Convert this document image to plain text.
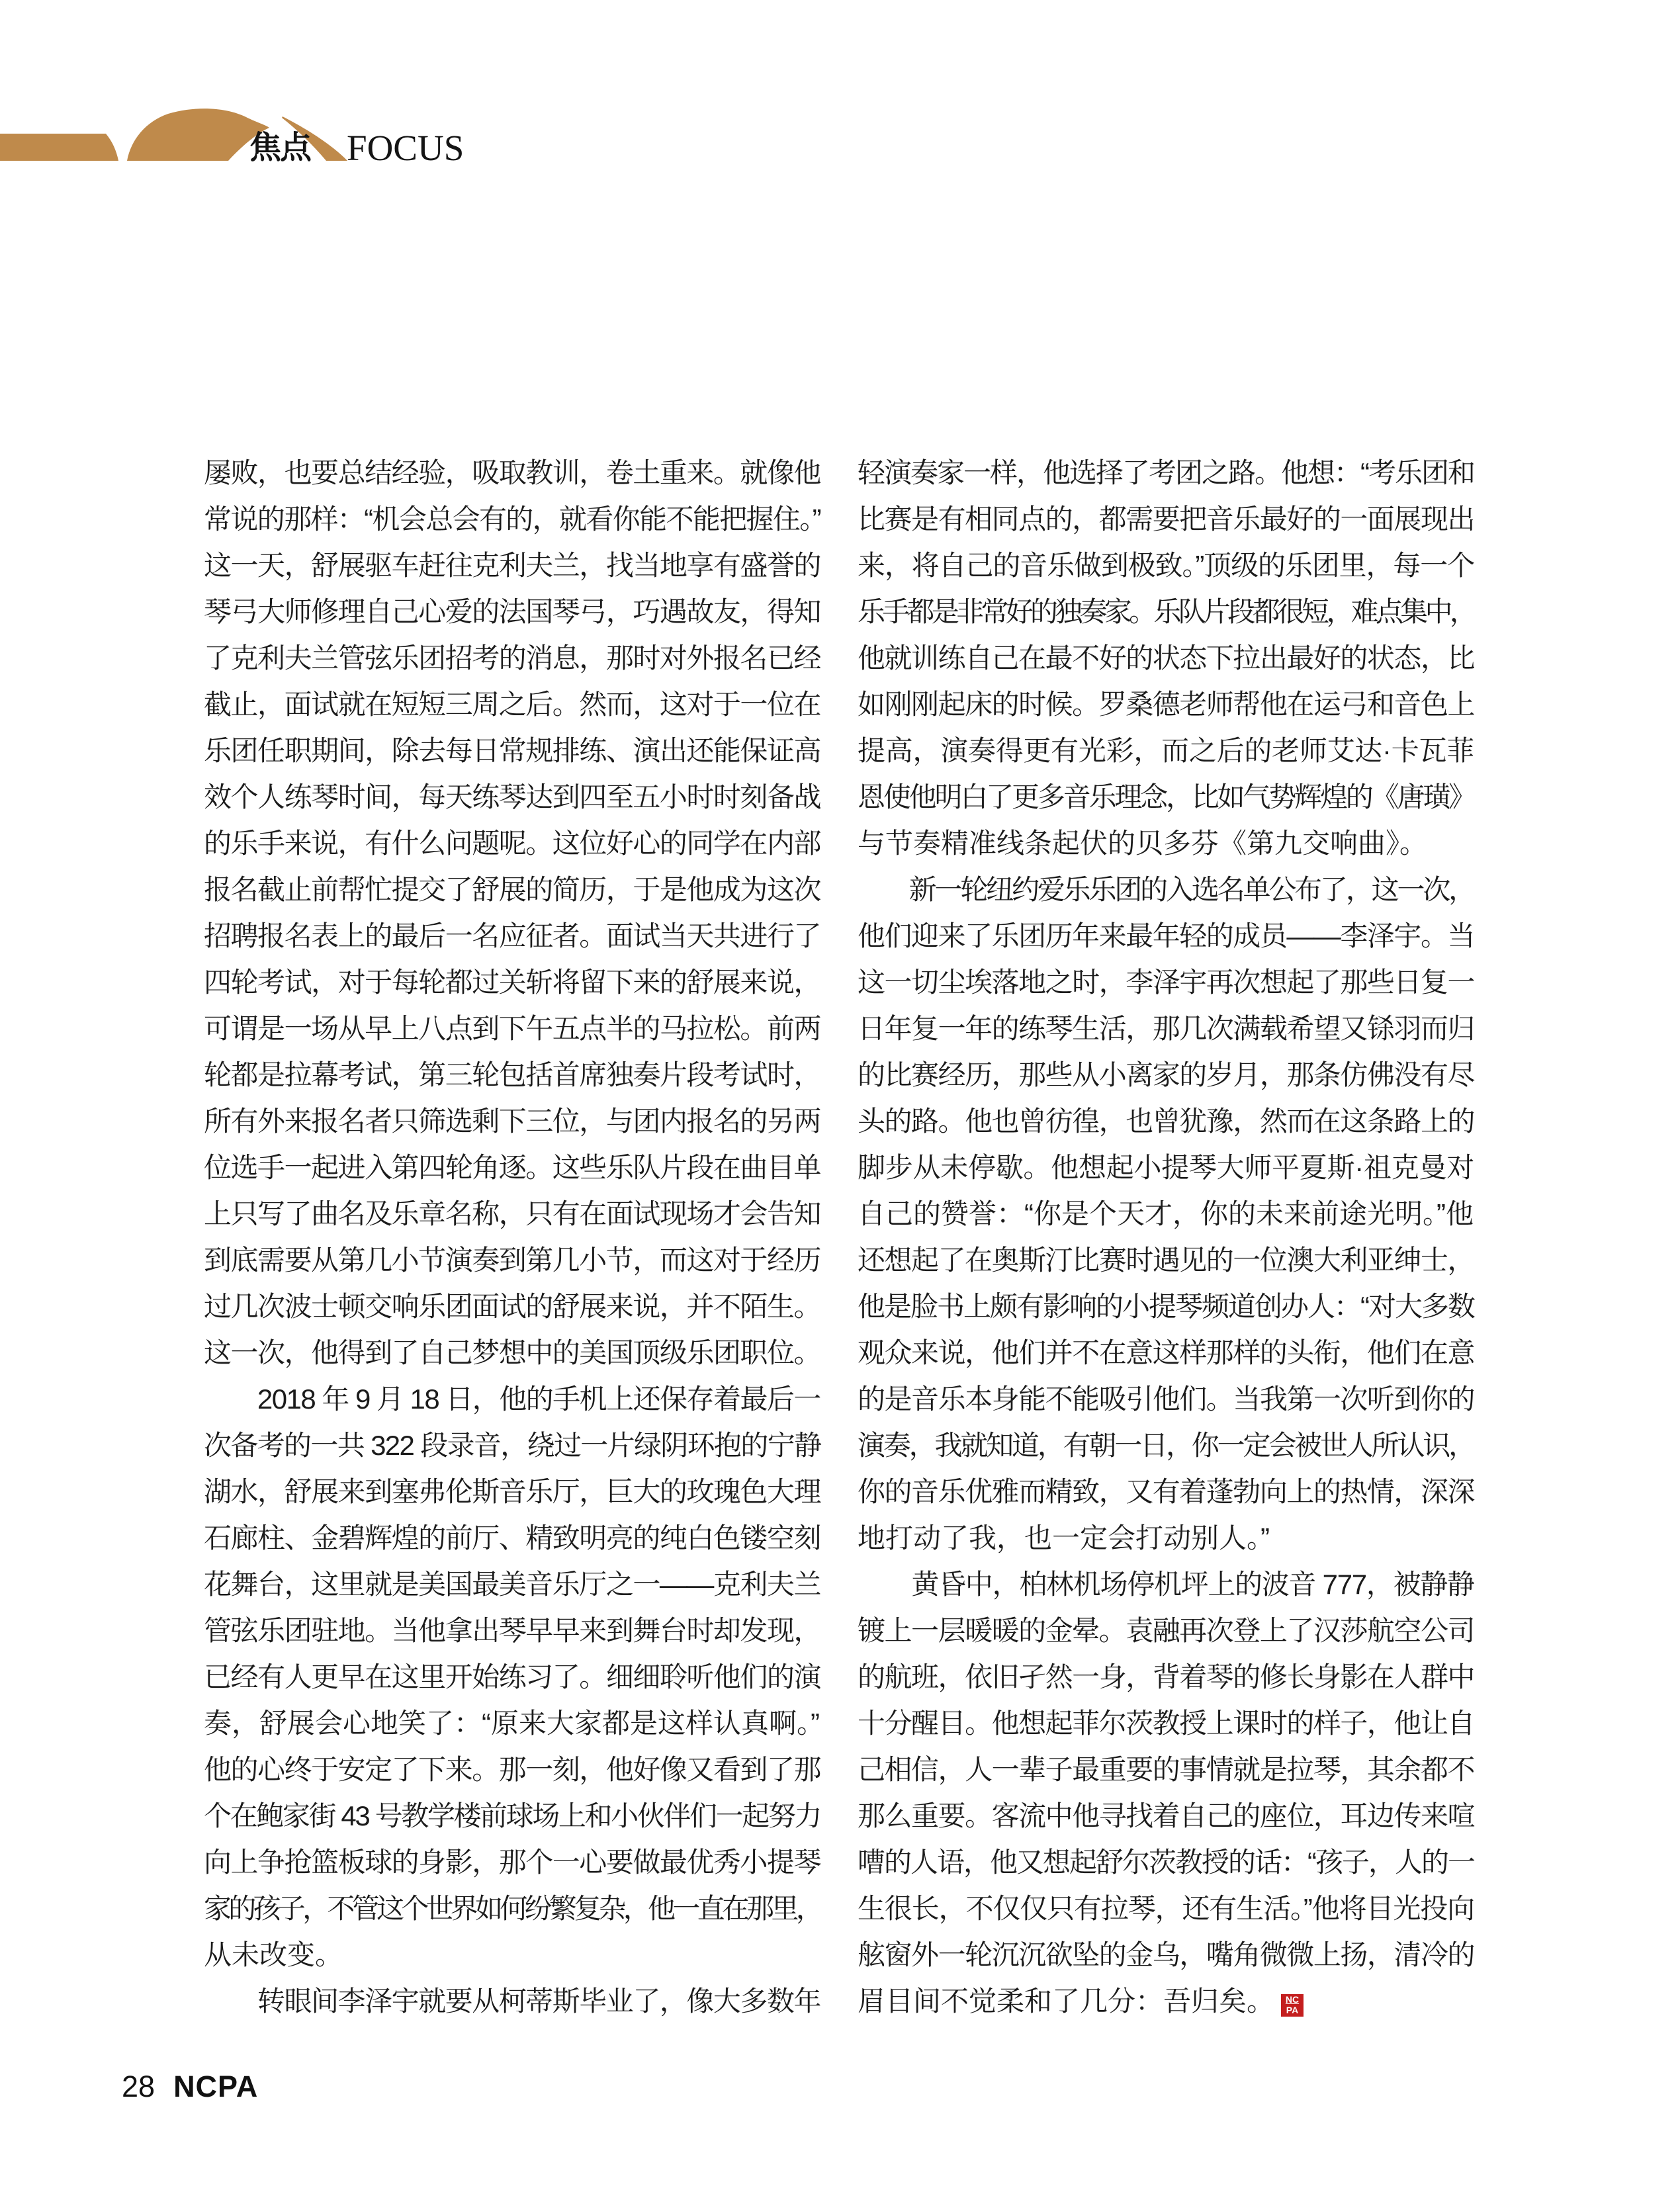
焦点 FOCUS
屡败，也要总结经验，吸取教训，卷土重来。就像他
常说的那样：“机会总会有的，就看你能不能把握住。”
这一天，舒展驱车赶往克利夫兰，找当地享有盛誉的
琴弓大师修理自己心爱的法国琴弓，巧遇故友，得知
了克利夫兰管弦乐团招考的消息，那时对外报名已经
截止，面试就在短短三周之后。然而，这对于一位在
乐团任职期间，除去每日常规排练、演出还能保证高
效个人练琴时间，每天练琴达到四至五小时时刻备战
的乐手来说，有什么问题呢。这位好心的同学在内部
报名截止前帮忙提交了舒展的简历，于是他成为这次
招聘报名表上的最后一名应征者。面试当天共进行了
四轮考试，对于每轮都过关斩将留下来的舒展来说，
可谓是一场从早上八点到下午五点半的马拉松。前两
轮都是拉幕考试，第三轮包括首席独奏片段考试时，
所有外来报名者只筛选剩下三位，与团内报名的另两
位选手一起进入第四轮角逐。这些乐队片段在曲目单
上只写了曲名及乐章名称，只有在面试现场才会告知
到底需要从第几小节演奏到第几小节，而这对于经历
过几次波士顿交响乐团面试的舒展来说，并不陌生。
这一次，他得到了自己梦想中的美国顶级乐团职位。
　　2018 年 9 月 18 日，他的手机上还保存着最后一
次备考的一共 322 段录音，绕过一片绿阴环抱的宁静
湖水，舒展来到塞弗伦斯音乐厅，巨大的玫瑰色大理
石廊柱、金碧辉煌的前厅、精致明亮的纯白色镂空刻
花舞台，这里就是美国最美音乐厅之一——克利夫兰
管弦乐团驻地。当他拿出琴早早来到舞台时却发现，
已经有人更早在这里开始练习了。细细聆听他们的演
奏，舒展会心地笑了：“原来大家都是这样认真啊。”
他的心终于安定了下来。那一刻，他好像又看到了那
个在鲍家街 43 号教学楼前球场上和小伙伴们一起努力
向上争抢篮板球的身影，那个一心要做最优秀小提琴
家的孩子，不管这个世界如何纷繁复杂，他一直在那里，
从未改变。
　　转眼间李泽宇就要从柯蒂斯毕业了，像大多数年
轻演奏家一样，他选择了考团之路。他想：“考乐团和
比赛是有相同点的，都需要把音乐最好的一面展现出
来，将自己的音乐做到极致。”顶级的乐团里，每一个
乐手都是非常好的独奏家。乐队片段都很短，难点集中，
他就训练自己在最不好的状态下拉出最好的状态，比
如刚刚起床的时候。罗桑德老师帮他在运弓和音色上
提高，演奏得更有光彩，而之后的老师艾达·卡瓦菲
恩使他明白了更多音乐理念，比如气势辉煌的《唐璜》
与节奏精准线条起伏的贝多芬《第九交响曲》。
　　新一轮纽约爱乐乐团的入选名单公布了，这一次，
他们迎来了乐团历年来最年轻的成员——李泽宇。当
这一切尘埃落地之时，李泽宇再次想起了那些日复一
日年复一年的练琴生活，那几次满载希望又铩羽而归
的比赛经历，那些从小离家的岁月，那条仿佛没有尽
头的路。他也曾彷徨，也曾犹豫，然而在这条路上的
脚步从未停歇。他想起小提琴大师平夏斯·祖克曼对
自己的赞誉：“你是个天才，你的未来前途光明。”他
还想起了在奥斯汀比赛时遇见的一位澳大利亚绅士，
他是脸书上颇有影响的小提琴频道创办人：“对大多数
观众来说，他们并不在意这样那样的头衔，他们在意
的是音乐本身能不能吸引他们。当我第一次听到你的
演奏，我就知道，有朝一日，你一定会被世人所认识，
你的音乐优雅而精致，又有着蓬勃向上的热情，深深
地打动了我，也一定会打动别人。”
　　黄昏中，柏林机场停机坪上的波音 777，被静静
镀上一层暖暖的金晕。袁融再次登上了汉莎航空公司
的航班，依旧孑然一身，背着琴的修长身影在人群中
十分醒目。他想起菲尔茨教授上课时的样子，他让自
己相信，人一辈子最重要的事情就是拉琴，其余都不
那么重要。客流中他寻找着自己的座位，耳边传来喧
嘈的人语，他又想起舒尔茨教授的话：“孩子，人的一
生很长，不仅仅只有拉琴，还有生活。”他将目光投向
舷窗外一轮沉沉欲坠的金乌，嘴角微微上扬，清冷的
眉目间不觉柔和了几分：吾归矣。 $\frac{NC}{PA}$
28 NCPA
